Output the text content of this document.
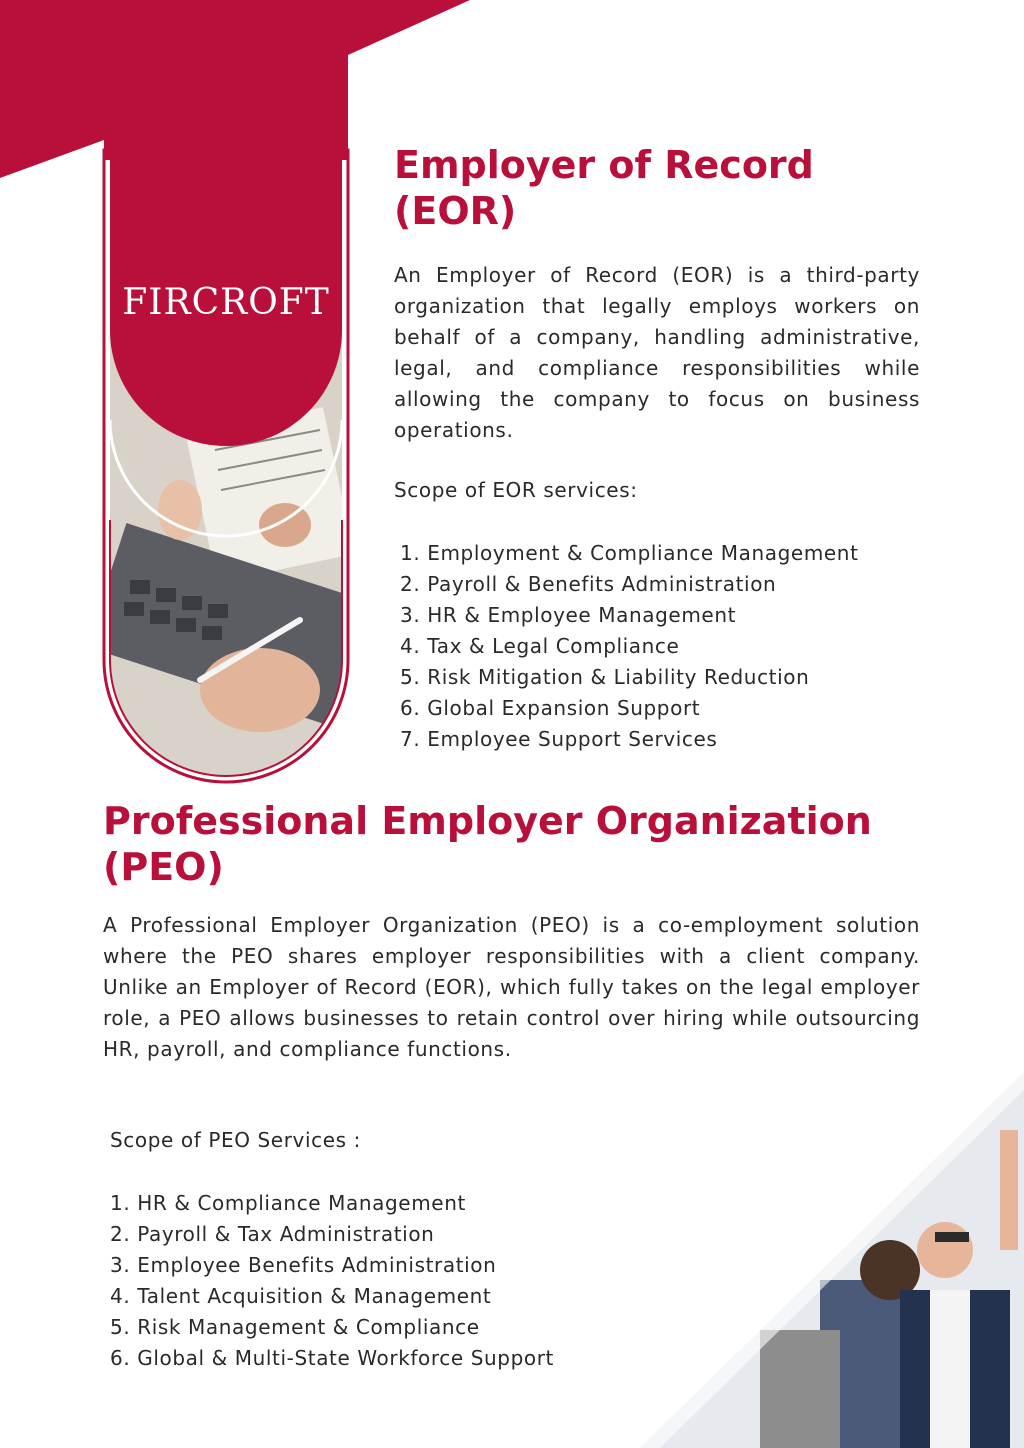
FIRCROFT
Employer of Record (EOR)

An Employer of Record (EOR) is a third-party organization that legally employs workers on behalf of a company, handling administrative, legal, and compliance responsibilities while allowing the company to focus on business operations.

Scope of EOR services:

1. Employment & Compliance Management
2. Payroll & Benefits Administration
3. HR & Employee Management
4. Tax & Legal Compliance
5. Risk Mitigation & Liability Reduction
6. Global Expansion Support
7. Employee Support Services
Professional Employer Organization (PEO)

A Professional Employer Organization (PEO) is a co-employment solution where the PEO shares employer responsibilities with a client company. Unlike an Employer of Record (EOR), which fully takes on the legal employer role, a PEO allows businesses to retain control over hiring while outsourcing HR, payroll, and compliance functions.

Scope of PEO Services :

1. HR & Compliance Management
2. Payroll & Tax Administration
3. Employee Benefits Administration
4. Talent Acquisition & Management
5. Risk Management & Compliance
6. Global & Multi-State Workforce Support
